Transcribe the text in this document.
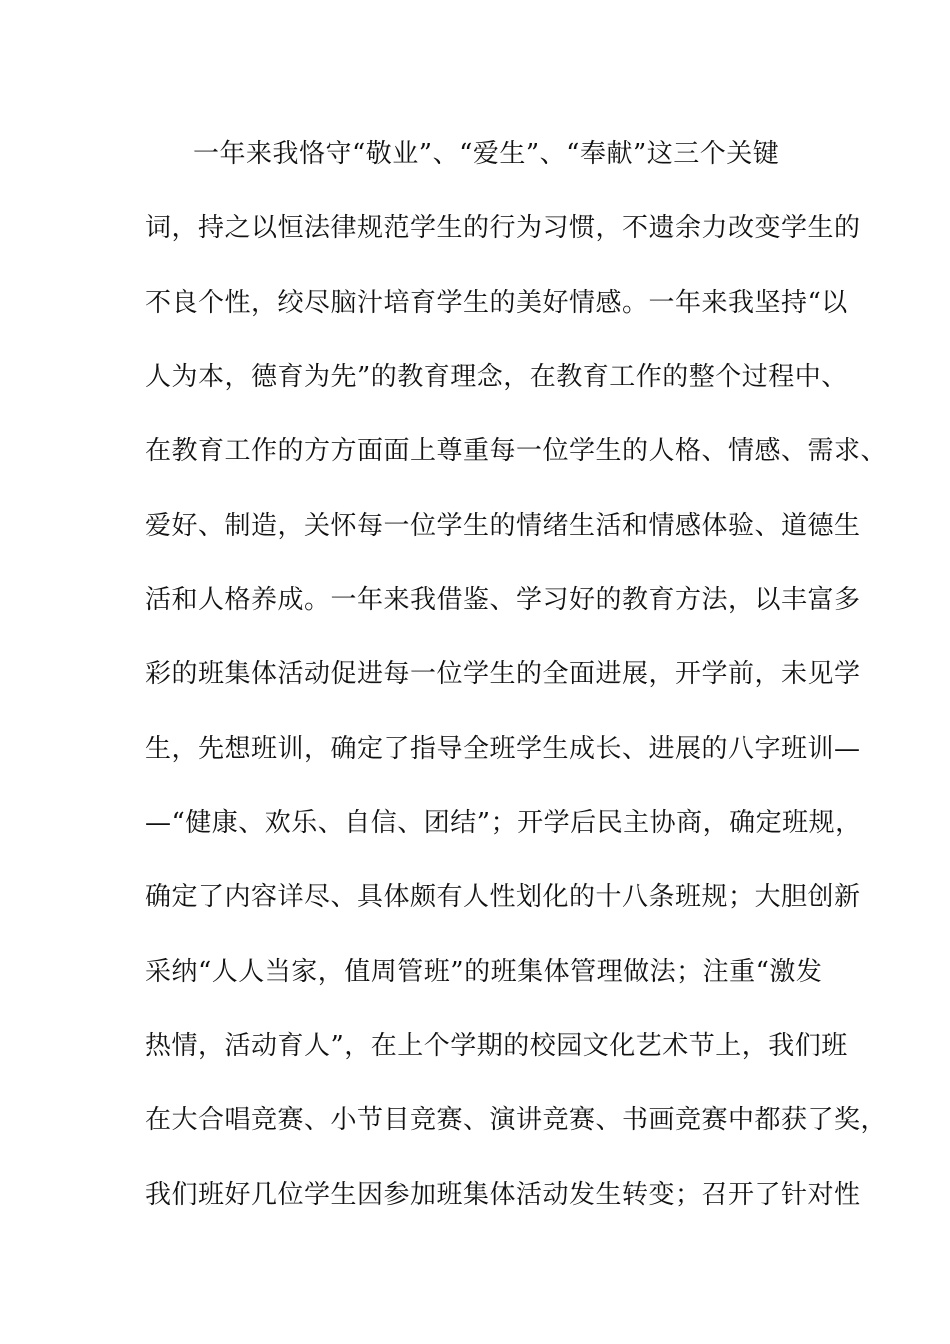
一年来我恪守“敬业”、“爱生”、“奉献”这三个关键
词，持之以恒法律规范学生的行为习惯，不遗余力改变学生的
不良个性，绞尽脑汁培育学生的美好情感。一年来我坚持“以
人为本，德育为先”的教育理念，在教育工作的整个过程中、
在教育工作的方方面面上尊重每一位学生的人格、情感、需求、
爱好、制造，关怀每一位学生的情绪生活和情感体验、道德生
活和人格养成。一年来我借鉴、学习好的教育方法，以丰富多
彩的班集体活动促进每一位学生的全面进展，开学前，未见学
生，先想班训，确定了指导全班学生成长、进展的八字班训—
—“健康、欢乐、自信、团结”；开学后民主协商，确定班规，
确定了内容详尽、具体颇有人性划化的十八条班规；大胆创新
采纳“人人当家，值周管班”的班集体管理做法；注重“激发
热情，活动育人”，在上个学期的校园文化艺术节上，我们班
在大合唱竞赛、小节目竞赛、演讲竞赛、书画竞赛中都获了奖，
我们班好几位学生因参加班集体活动发生转变；召开了针对性
